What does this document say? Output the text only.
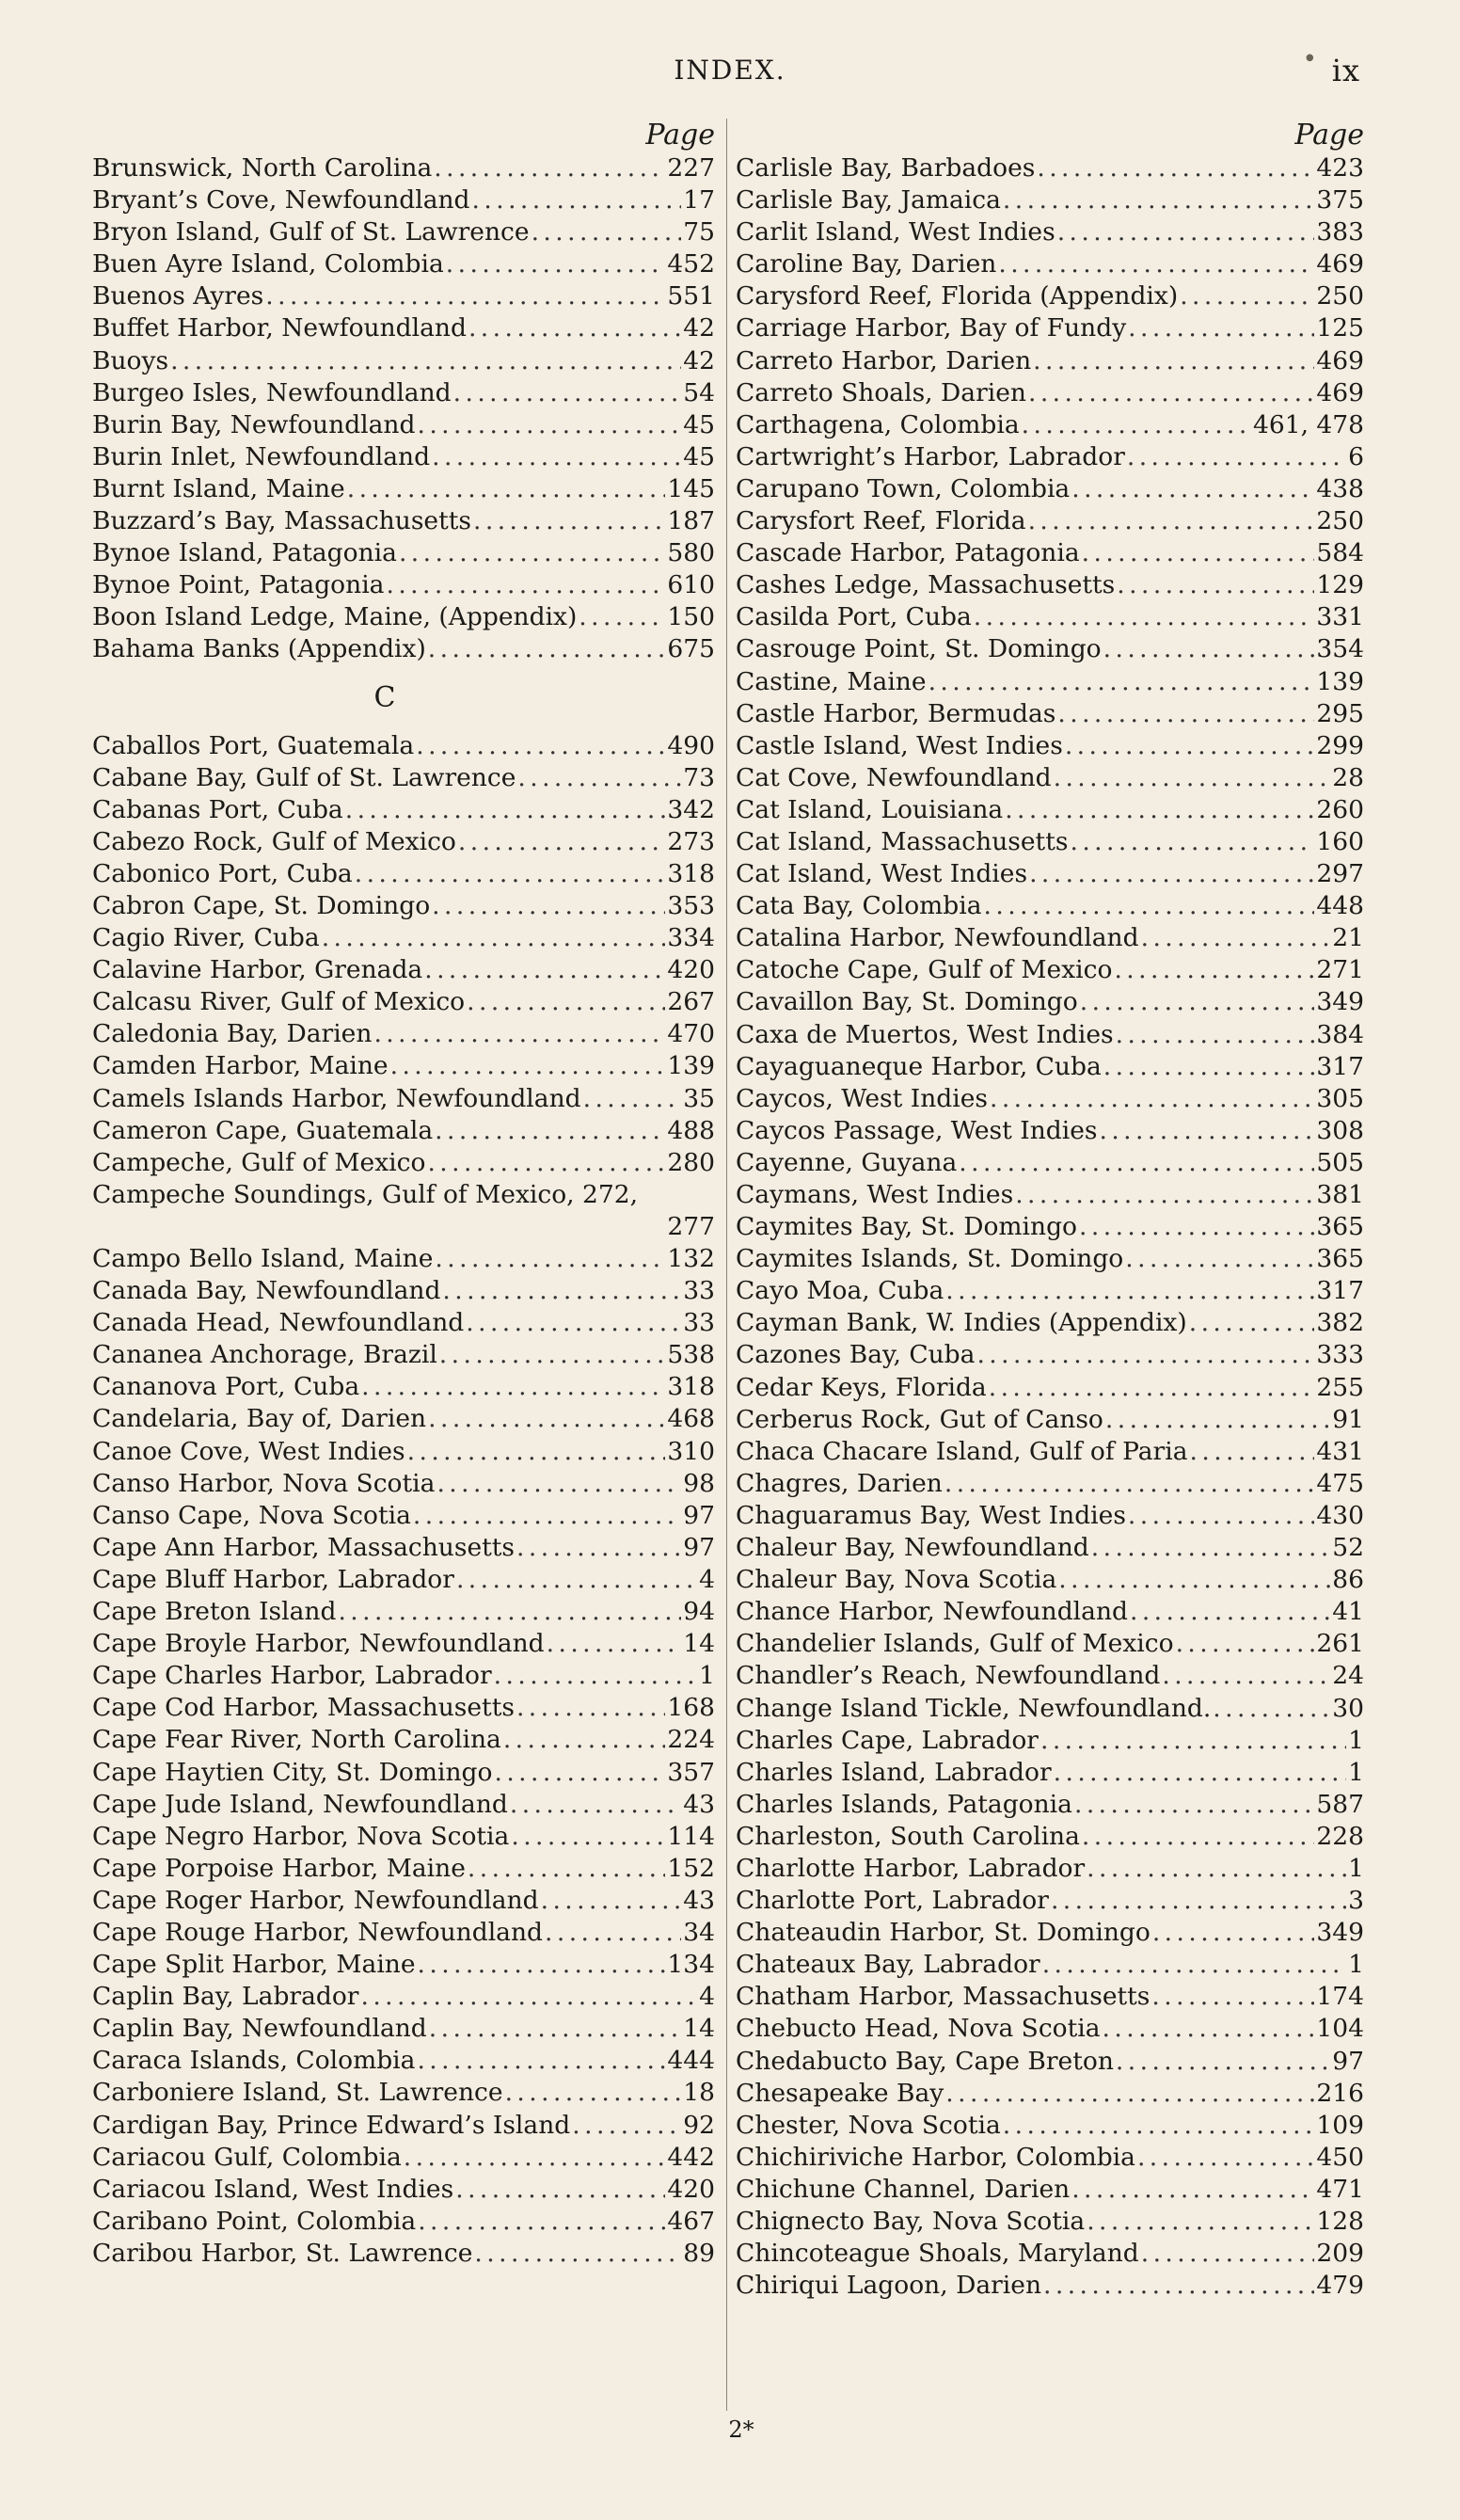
INDEX.	• ix
Page
Brunswick, North Carolina . . .	227
Bryant’s Cove, Newfoundland . . .	17
Bryon Island, Gulf of St. Lawrence . . .	75
Buen Ayre Island, Colombia . . .	452
Buenos Ayres . . .	551
Buffet Harbor, Newfoundland . . .	42
Buoys . . .	42
Burgeo Isles, Newfoundland . . .	54
Burin Bay, Newfoundland . . .	45
Burin Inlet, Newfoundland . . .	45
Burnt Island, Maine . . .	145
Buzzard’s Bay, Massachusetts . . .	187
Bynoe Island, Patagonia . . .	580
Bynoe Point, Patagonia . . .	610
Boon Island Ledge, Maine, (Appendix) . . .	150
Bahama Banks (Appendix) . . .	675
C
Caballos Port, Guatemala . . .	490
Cabane Bay, Gulf of St. Lawrence . . .	73
Cabanas Port, Cuba . . .	342
Cabezo Rock, Gulf of Mexico . . .	273
Cabonico Port, Cuba . . .	318
Cabron Cape, St. Domingo . . .	353
Cagio River, Cuba . . .	334
Calavine Harbor, Grenada . . .	420
Calcasu River, Gulf of Mexico . . .	267
Caledonia Bay, Darien . . .	470
Camden Harbor, Maine . . .	139
Camels Islands Harbor, Newfoundland . . .	35
Cameron Cape, Guatemala . . .	488
Campeche, Gulf of Mexico . . .	280
Campeche Soundings, Gulf of Mexico, 272,
277
Campo Bello Island, Maine . . .	132
Canada Bay, Newfoundland . . .	33
Canada Head, Newfoundland . . .	33
Cananea Anchorage, Brazil . . .	538
Cananova Port, Cuba . . .	318
Candelaria, Bay of, Darien . . .	468
Canoe Cove, West Indies . . .	310
Canso Harbor, Nova Scotia . . .	98
Canso Cape, Nova Scotia . . .	97
Cape Ann Harbor, Massachusetts . . .	97
Cape Bluff Harbor, Labrador . . .	4
Cape Breton Island . . .	94
Cape Broyle Harbor, Newfoundland . . .	14
Cape Charles Harbor, Labrador . . .	1
Cape Cod Harbor, Massachusetts . . .	168
Cape Fear River, North Carolina . . .	224
Cape Haytien City, St. Domingo . . .	357
Cape Jude Island, Newfoundland . . .	43
Cape Negro Harbor, Nova Scotia . . .	114
Cape Porpoise Harbor, Maine . . .	152
Cape Roger Harbor, Newfoundland . . .	43
Cape Rouge Harbor, Newfoundland . . .	34
Cape Split Harbor, Maine . . .	134
Caplin Bay, Labrador . . .	4
Caplin Bay, Newfoundland . . .	14
Caraca Islands, Colombia . . .	444
Carboniere Island, St. Lawrence . . .	18
Cardigan Bay, Prince Edward’s Island . . .	92
Cariacou Gulf, Colombia . . .	442
Cariacou Island, West Indies . . .	420
Caribano Point, Colombia . . .	467
Caribou Harbor, St. Lawrence . . .	89
Page
Carlisle Bay, Barbadoes . . .	423
Carlisle Bay, Jamaica . . .	375
Carlit Island, West Indies . . .	383
Caroline Bay, Darien . . .	469
Carysford Reef, Florida (Appendix) . . .	250
Carriage Harbor, Bay of Fundy . . .	125
Carreto Harbor, Darien . . .	469
Carreto Shoals, Darien . . .	469
Carthagena, Colombia . . .	461, 478
Cartwright’s Harbor, Labrador . . .	6
Carupano Town, Colombia . . .	438
Carysfort Reef, Florida . . .	250
Cascade Harbor, Patagonia . . .	584
Cashes Ledge, Massachusetts . . .	129
Casilda Port, Cuba . . .	331
Casrouge Point, St. Domingo . . .	354
Castine, Maine . . .	139
Castle Harbor, Bermudas . . .	295
Castle Island, West Indies . . .	299
Cat Cove, Newfoundland . . .	28
Cat Island, Louisiana . . .	260
Cat Island, Massachusetts . . .	160
Cat Island, West Indies . . .	297
Cata Bay, Colombia . . .	448
Catalina Harbor, Newfoundland . . .	21
Catoche Cape, Gulf of Mexico . . .	271
Cavaillon Bay, St. Domingo . . .	349
Caxa de Muertos, West Indies . . .	384
Cayaguaneque Harbor, Cuba . . .	317
Caycos, West Indies . . .	305
Caycos Passage, West Indies . . .	308
Cayenne, Guyana . . .	505
Caymans, West Indies . . .	381
Caymites Bay, St. Domingo . . .	365
Caymites Islands, St. Domingo . . .	365
Cayo Moa, Cuba . . .	317
Cayman Bank, W. Indies (Appendix) . . .	382
Cazones Bay, Cuba . . .	333
Cedar Keys, Florida . . .	255
Cerberus Rock, Gut of Canso . . .	91
Chaca Chacare Island, Gulf of Paria . . .	431
Chagres, Darien . . .	475
Chaguaramus Bay, West Indies . . .	430
Chaleur Bay, Newfoundland . . .	52
Chaleur Bay, Nova Scotia . . .	86
Chance Harbor, Newfoundland . . .	41
Chandelier Islands, Gulf of Mexico . . .	261
Chandler’s Reach, Newfoundland . . .	24
Change Island Tickle, Newfoundland. . . .	30
Charles Cape, Labrador . . .	1
Charles Island, Labrador . . .	1
Charles Islands, Patagonia . . .	587
Charleston, South Carolina . . .	228
Charlotte Harbor, Labrador . . .	1
Charlotte Port, Labrador . . .	3
Chateaudin Harbor, St. Domingo . . .	349
Chateaux Bay, Labrador . . .	1
Chatham Harbor, Massachusetts . . .	174
Chebucto Head, Nova Scotia . . .	104
Chedabucto Bay, Cape Breton . . .	97
Chesapeake Bay . . .	216
Chester, Nova Scotia . . .	109
Chichiriviche Harbor, Colombia . . .	450
Chichune Channel, Darien . . .	471
Chignecto Bay, Nova Scotia . . .	128
Chincoteague Shoals, Maryland . . .	209
Chiriqui Lagoon, Darien . . .	479
2*
